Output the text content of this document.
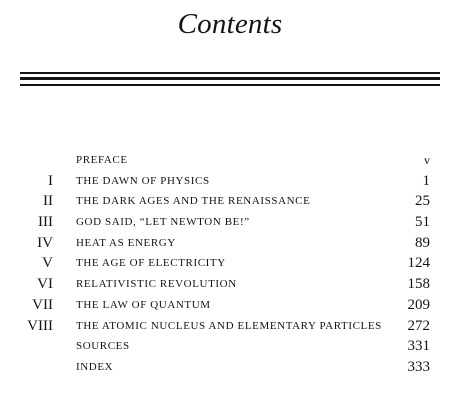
Contents
PREFACE	v
I THE DAWN OF PHYSICS	1
II THE DARK AGES AND THE RENAISSANCE	25
III GOD SAID, “LET NEWTON BE!”	51
IV HEAT AS ENERGY	89
V THE AGE OF ELECTRICITY	124
VI RELATIVISTIC REVOLUTION	158
VII THE LAW OF QUANTUM	209
VIII THE ATOMIC NUCLEUS AND ELEMENTARY PARTICLES 272
SOURCES	331
INDEX	333
